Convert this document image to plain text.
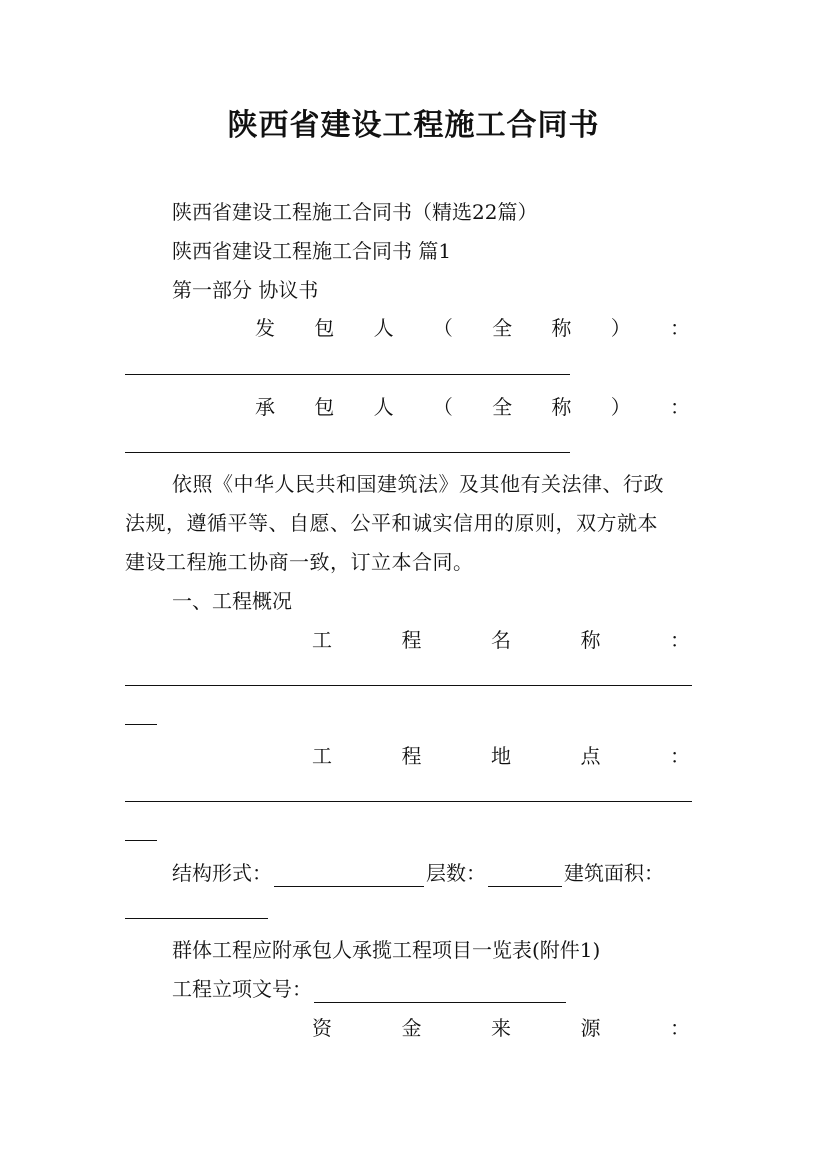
陕西省建设工程施工合同书
陕西省建设工程施工合同书（精选22篇）
陕西省建设工程施工合同书 篇1
第一部分 协议书
发 包 人 （ 全 称 ） ：
承 包 人 （ 全 称 ） ：
依照《中华人民共和国建筑法》及其他有关法律、行政
法规，遵循平等、自愿、公平和诚实信用的原则，双方就本
建设工程施工协商一致，订立本合同。
一、工程概况
工	程	名	称	：
工	程	地	点	：
结构形式：	层数：	建筑面积：
群体工程应附承包人承揽工程项目一览表(附件1)
工程立项文号：
资	金	来	源	：
